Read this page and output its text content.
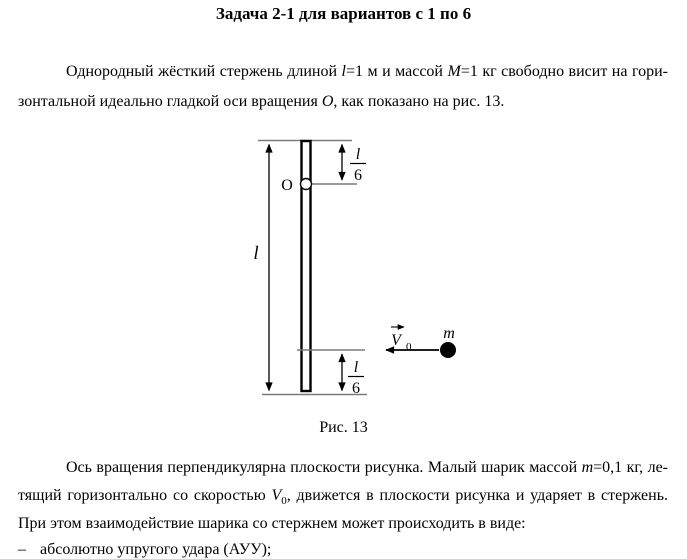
Задача 2-1 для вариантов с 1 по 6
Однородный жёсткий стержень длиной l=1 м и массой M=1 кг свободно висит на гори-
зонтальной идеально гладкой оси вращения О, как показано на рис. 13.
O
l
l
6
l
6
m
V 0
Рис. 13
Ось вращения перпендикулярна плоскости рисунка. Малый шарик массой m=0,1 кг, ле-
тящий горизонтально со скоростью $V_0$, движется в плоскости рисунка и ударяет в стержень.
При этом взаимодействие шарика со стержнем может происходить в виде:
– абсолютно упругого удара (АУУ);
